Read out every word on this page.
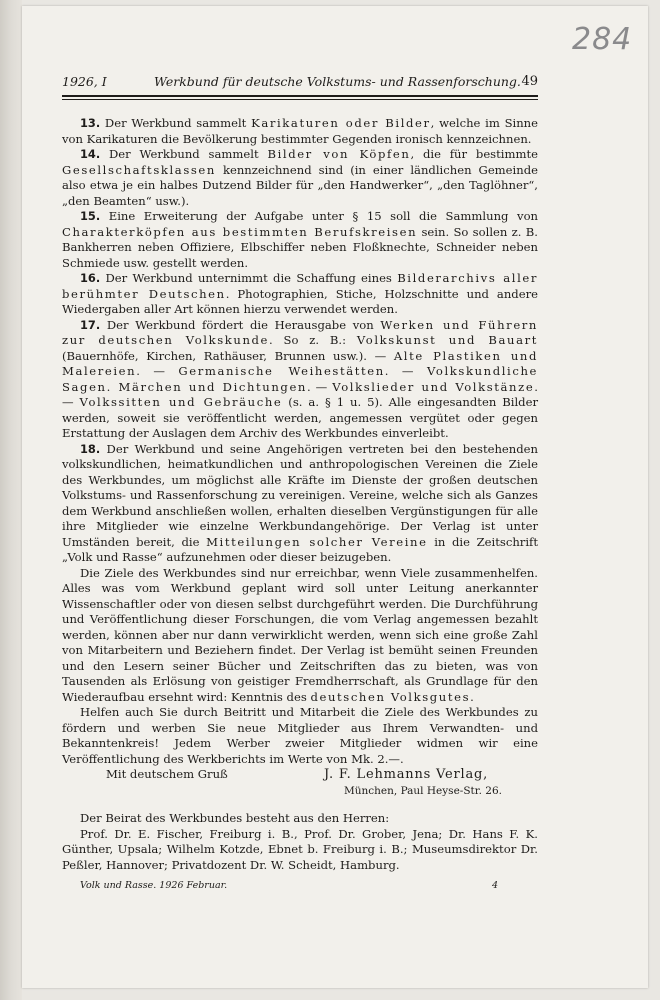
284
1926, I	Werkbund für deutsche Volkstums- und Rassenforschung. 49

13. Der Werkbund sammelt Karikaturen oder Bilder, welche im Sinne von Karikaturen die Bevölkerung bestimmter Gegenden ironisch kennzeichnen.

14. Der Werkbund sammelt Bilder von Köpfen, die für bestimmte Gesellschaftsklassen kennzeichnend sind (in einer ländlichen Gemeinde also etwa je ein halbes Dutzend Bilder für „den Handwerker“, „den Taglöhner“, „den Beamten“ usw.).

15. Eine Erweiterung der Aufgabe unter § 15 soll die Sammlung von Charakterköpfen aus bestimmten Berufskreisen sein. So sollen z. B. Bankherren neben Offiziere, Elbschiffer neben Floßknechte, Schneider neben Schmiede usw. gestellt werden.

16. Der Werkbund unternimmt die Schaffung eines Bilderarchivs aller berühmter Deutschen. Photographien, Stiche, Holzschnitte und andere Wiedergaben aller Art können hierzu verwendet werden.

17. Der Werkbund fördert die Herausgabe von Werken und Führern zur deutschen Volkskunde. So z. B.: Volkskunst und Bauart (Bauernhöfe, Kirchen, Rathäuser, Brunnen usw.). — Alte Plastiken und Malereien. — Germanische Weihestätten. — Volkskundliche Sagen. Märchen und Dichtungen. — Volkslieder und Volkstänze. — Volkssitten und Gebräuche (s. a. § 1 u. 5). Alle eingesandten Bilder werden, soweit sie veröffentlicht werden, angemessen vergütet oder gegen Erstattung der Auslagen dem Archiv des Werkbundes einverleibt.

18. Der Werkbund und seine Angehörigen vertreten bei den bestehenden volkskundlichen, heimatkundlichen und anthropologischen Vereinen die Ziele des Werkbundes, um möglichst alle Kräfte im Dienste der großen deutschen Volkstums- und Rassenforschung zu vereinigen. Vereine, welche sich als Ganzes dem Werkbund anschließen wollen, erhalten dieselben Vergünstigungen für alle ihre Mitglieder wie einzelne Werkbundangehörige. Der Verlag ist unter Umständen bereit, die Mitteilungen solcher Vereine in die Zeitschrift „Volk und Rasse“ aufzunehmen oder dieser beizugeben.

Die Ziele des Werkbundes sind nur erreichbar, wenn Viele zusammenhelfen. Alles was vom Werkbund geplant wird soll unter Leitung anerkannter Wissenschaftler oder von diesen selbst durchgeführt werden. Die Durchführung und Veröffentlichung dieser Forschungen, die vom Verlag angemessen bezahlt werden, können aber nur dann verwirklicht werden, wenn sich eine große Zahl von Mitarbeitern und Beziehern findet. Der Verlag ist bemüht seinen Freunden und den Lesern seiner Bücher und Zeitschriften das zu bieten, was von Tausenden als Erlösung von geistiger Fremdherrschaft, als Grundlage für den Wiederaufbau ersehnt wird: Kenntnis des deutschen Volksgutes.

Helfen auch Sie durch Beitritt und Mitarbeit die Ziele des Werkbundes zu fördern und werben Sie neue Mitglieder aus Ihrem Verwandten- und Bekanntenkreis! Jedem Werber zweier Mitglieder widmen wir eine Veröffentlichung des Werkberichts im Werte von Mk. 2.—.

Mit deutschem Gruß	J. F. Lehmanns Verlag,
München, Paul Heyse-Str. 26.

Der Beirat des Werkbundes besteht aus den Herren:

Prof. Dr. E. Fischer, Freiburg i. B., Prof. Dr. Grober, Jena; Dr. Hans F. K. Günther, Upsala; Wilhelm Kotzde, Ebnet b. Freiburg i. B.; Museumsdirektor Dr. Peßler, Hannover; Privatdozent Dr. W. Scheidt, Hamburg.

Volk und Rasse. 1926 Februar.	4
